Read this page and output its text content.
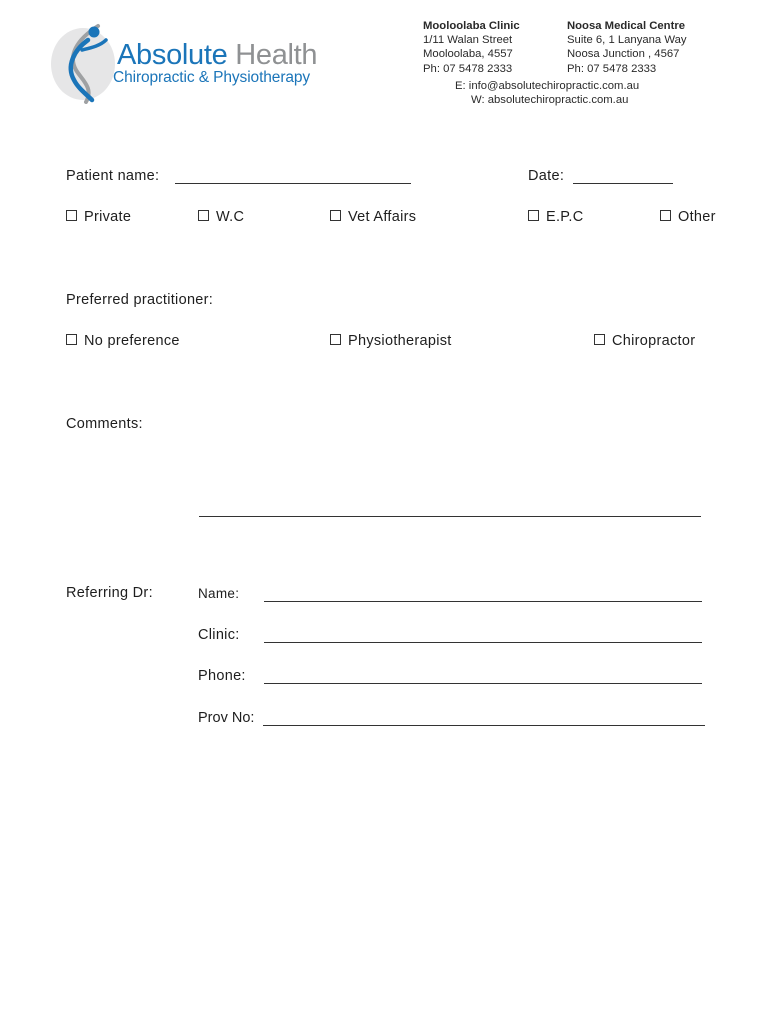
Absolute Health
Chiropractic & Physiotherapy
Mooloolaba Clinic
1/11 Walan Street
Mooloolaba, 4557
Ph: 07 5478 2333
Noosa Medical Centre
Suite 6, 1 Lanyana Way
Noosa Junction , 4567
Ph: 07 5478 2333
E: info@absolutechiropractic.com.au
W: absolutechiropractic.com.au
Patient name:	Date:
Private	W.C	Vet Affairs	E.P.C	Other
Preferred practitioner:
No preference	Physiotherapist	Chiropractor
Comments:
Referring Dr:	Name:
Clinic:
Phone:
Prov No:
